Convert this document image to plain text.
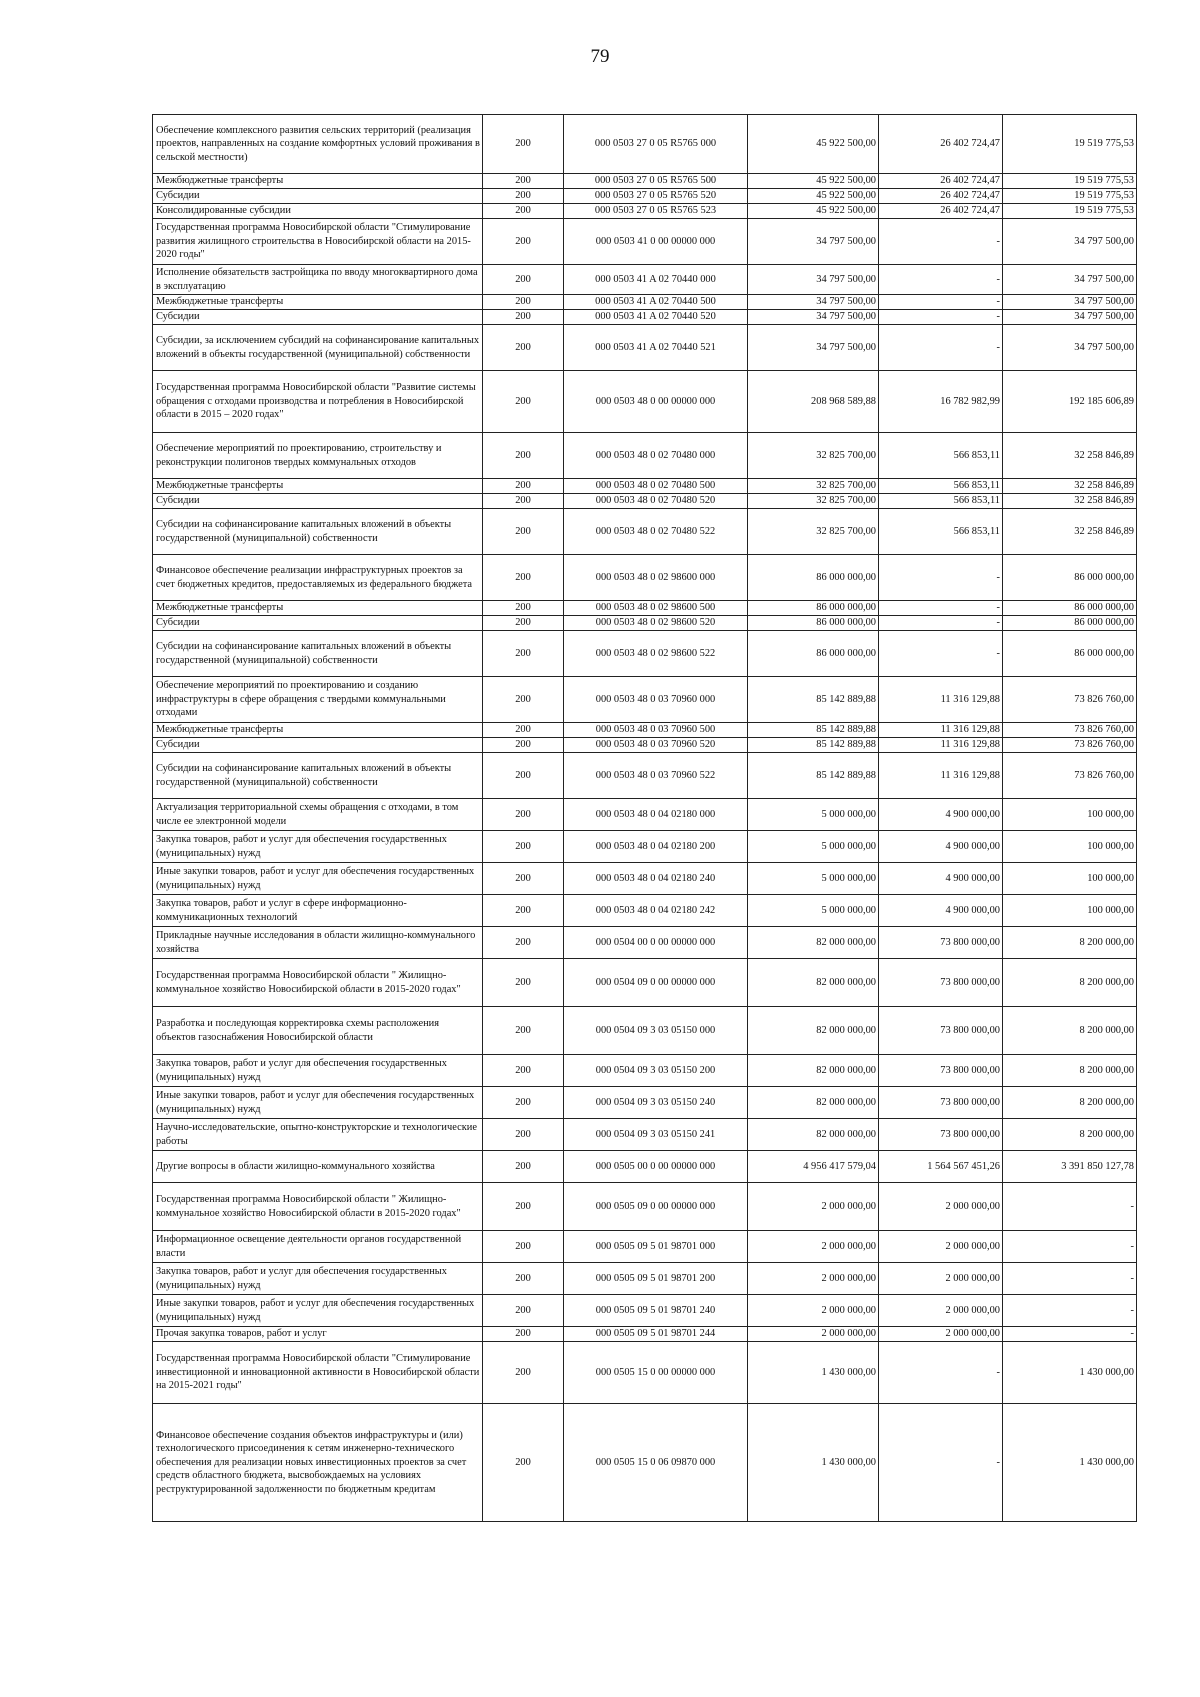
79
Обеспечение комплексного развития сельских территорий (реализация проектов, направленных на создание комфортных условий проживания в сельской местности)	200	000 0503 27 0 05 R5765 000	45 922 500,00	26 402 724,47	19 519 775,53
Межбюджетные трансферты	200	000 0503 27 0 05 R5765 500	45 922 500,00	26 402 724,47	19 519 775,53
Субсидии	200	000 0503 27 0 05 R5765 520	45 922 500,00	26 402 724,47	19 519 775,53
Консолидированные субсидии	200	000 0503 27 0 05 R5765 523	45 922 500,00	26 402 724,47	19 519 775,53
Государственная программа Новосибирской области "Стимулирование развития жилищного строительства в Новосибирской области на 2015-2020 годы"	200	000 0503 41 0 00 00000 000	34 797 500,00	-	34 797 500,00
Исполнение обязательств застройщика по вводу многоквартирного дома в эксплуатацию	200	000 0503 41 A 02 70440 000	34 797 500,00	-	34 797 500,00
Межбюджетные трансферты	200	000 0503 41 A 02 70440 500	34 797 500,00	-	34 797 500,00
Субсидии	200	000 0503 41 A 02 70440 520	34 797 500,00	-	34 797 500,00
Субсидии, за исключением субсидий на софинансирование капитальных вложений в объекты государственной (муниципальной) собственности	200	000 0503 41 A 02 70440 521	34 797 500,00	-	34 797 500,00
Государственная программа Новосибирской области "Развитие системы обращения с отходами производства и потребления в Новосибирской области в 2015 – 2020 годах"	200	000 0503 48 0 00 00000 000	208 968 589,88	16 782 982,99	192 185 606,89
Обеспечение мероприятий по проектированию, строительству и реконструкции полигонов твердых коммунальных отходов	200	000 0503 48 0 02 70480 000	32 825 700,00	566 853,11	32 258 846,89
Межбюджетные трансферты	200	000 0503 48 0 02 70480 500	32 825 700,00	566 853,11	32 258 846,89
Субсидии	200	000 0503 48 0 02 70480 520	32 825 700,00	566 853,11	32 258 846,89
Субсидии на софинансирование капитальных вложений в объекты государственной (муниципальной) собственности	200	000 0503 48 0 02 70480 522	32 825 700,00	566 853,11	32 258 846,89
Финансовое обеспечение реализации инфраструктурных проектов за счет бюджетных кредитов, предоставляемых из федерального бюджета	200	000 0503 48 0 02 98600 000	86 000 000,00	-	86 000 000,00
Межбюджетные трансферты	200	000 0503 48 0 02 98600 500	86 000 000,00	-	86 000 000,00
Субсидии	200	000 0503 48 0 02 98600 520	86 000 000,00	-	86 000 000,00
Субсидии на софинансирование капитальных вложений в объекты государственной (муниципальной) собственности	200	000 0503 48 0 02 98600 522	86 000 000,00	-	86 000 000,00
Обеспечение мероприятий по проектированию и созданию инфраструктуры в сфере обращения с твердыми коммунальными отходами	200	000 0503 48 0 03 70960 000	85 142 889,88	11 316 129,88	73 826 760,00
Межбюджетные трансферты	200	000 0503 48 0 03 70960 500	85 142 889,88	11 316 129,88	73 826 760,00
Субсидии	200	000 0503 48 0 03 70960 520	85 142 889,88	11 316 129,88	73 826 760,00
Субсидии на софинансирование капитальных вложений в объекты государственной (муниципальной) собственности	200	000 0503 48 0 03 70960 522	85 142 889,88	11 316 129,88	73 826 760,00
Актуализация территориальной схемы обращения с отходами, в том числе ее электронной модели	200	000 0503 48 0 04 02180 000	5 000 000,00	4 900 000,00	100 000,00
Закупка товаров, работ и услуг для обеспечения государственных (муниципальных) нужд	200	000 0503 48 0 04 02180 200	5 000 000,00	4 900 000,00	100 000,00
Иные закупки товаров, работ и услуг для обеспечения государственных (муниципальных) нужд	200	000 0503 48 0 04 02180 240	5 000 000,00	4 900 000,00	100 000,00
Закупка товаров, работ и услуг в сфере информационно-коммуникационных технологий	200	000 0503 48 0 04 02180 242	5 000 000,00	4 900 000,00	100 000,00
Прикладные научные исследования в области жилищно-коммунального хозяйства	200	000 0504 00 0 00 00000 000	82 000 000,00	73 800 000,00	8 200 000,00
Государственная программа Новосибирской области " Жилищно-коммунальное хозяйство Новосибирской области в 2015-2020 годах"	200	000 0504 09 0 00 00000 000	82 000 000,00	73 800 000,00	8 200 000,00
Разработка и последующая корректировка схемы расположения объектов газоснабжения Новосибирской области	200	000 0504 09 3 03 05150 000	82 000 000,00	73 800 000,00	8 200 000,00
Закупка товаров, работ и услуг для обеспечения государственных (муниципальных) нужд	200	000 0504 09 3 03 05150 200	82 000 000,00	73 800 000,00	8 200 000,00
Иные закупки товаров, работ и услуг для обеспечения государственных (муниципальных) нужд	200	000 0504 09 3 03 05150 240	82 000 000,00	73 800 000,00	8 200 000,00
Научно-исследовательские, опытно-конструкторские и технологические работы	200	000 0504 09 3 03 05150 241	82 000 000,00	73 800 000,00	8 200 000,00
Другие вопросы в области жилищно-коммунального хозяйства	200	000 0505 00 0 00 00000 000	4 956 417 579,04	1 564 567 451,26	3 391 850 127,78
Государственная программа Новосибирской области " Жилищно-коммунальное хозяйство Новосибирской области в 2015-2020 годах"	200	000 0505 09 0 00 00000 000	2 000 000,00	2 000 000,00	-
Информационное освещение деятельности органов государственной власти	200	000 0505 09 5 01 98701 000	2 000 000,00	2 000 000,00	-
Закупка товаров, работ и услуг для обеспечения государственных (муниципальных) нужд	200	000 0505 09 5 01 98701 200	2 000 000,00	2 000 000,00	-
Иные закупки товаров, работ и услуг для обеспечения государственных (муниципальных) нужд	200	000 0505 09 5 01 98701 240	2 000 000,00	2 000 000,00	-
Прочая закупка товаров, работ и услуг	200	000 0505 09 5 01 98701 244	2 000 000,00	2 000 000,00	-
Государственная программа Новосибирской области "Стимулирование инвестиционной и инновационной активности в Новосибирской области на 2015-2021 годы"	200	000 0505 15 0 00 00000 000	1 430 000,00	-	1 430 000,00
Финансовое обеспечение создания объектов инфраструктуры и (или) технологического присоединения к сетям инженерно-технического обеспечения для реализации новых инвестиционных проектов за счет средств областного бюджета, высвобождаемых на условиях реструктурированной задолженности по бюджетным кредитам	200	000 0505 15 0 06 09870 000	1 430 000,00	-	1 430 000,00
